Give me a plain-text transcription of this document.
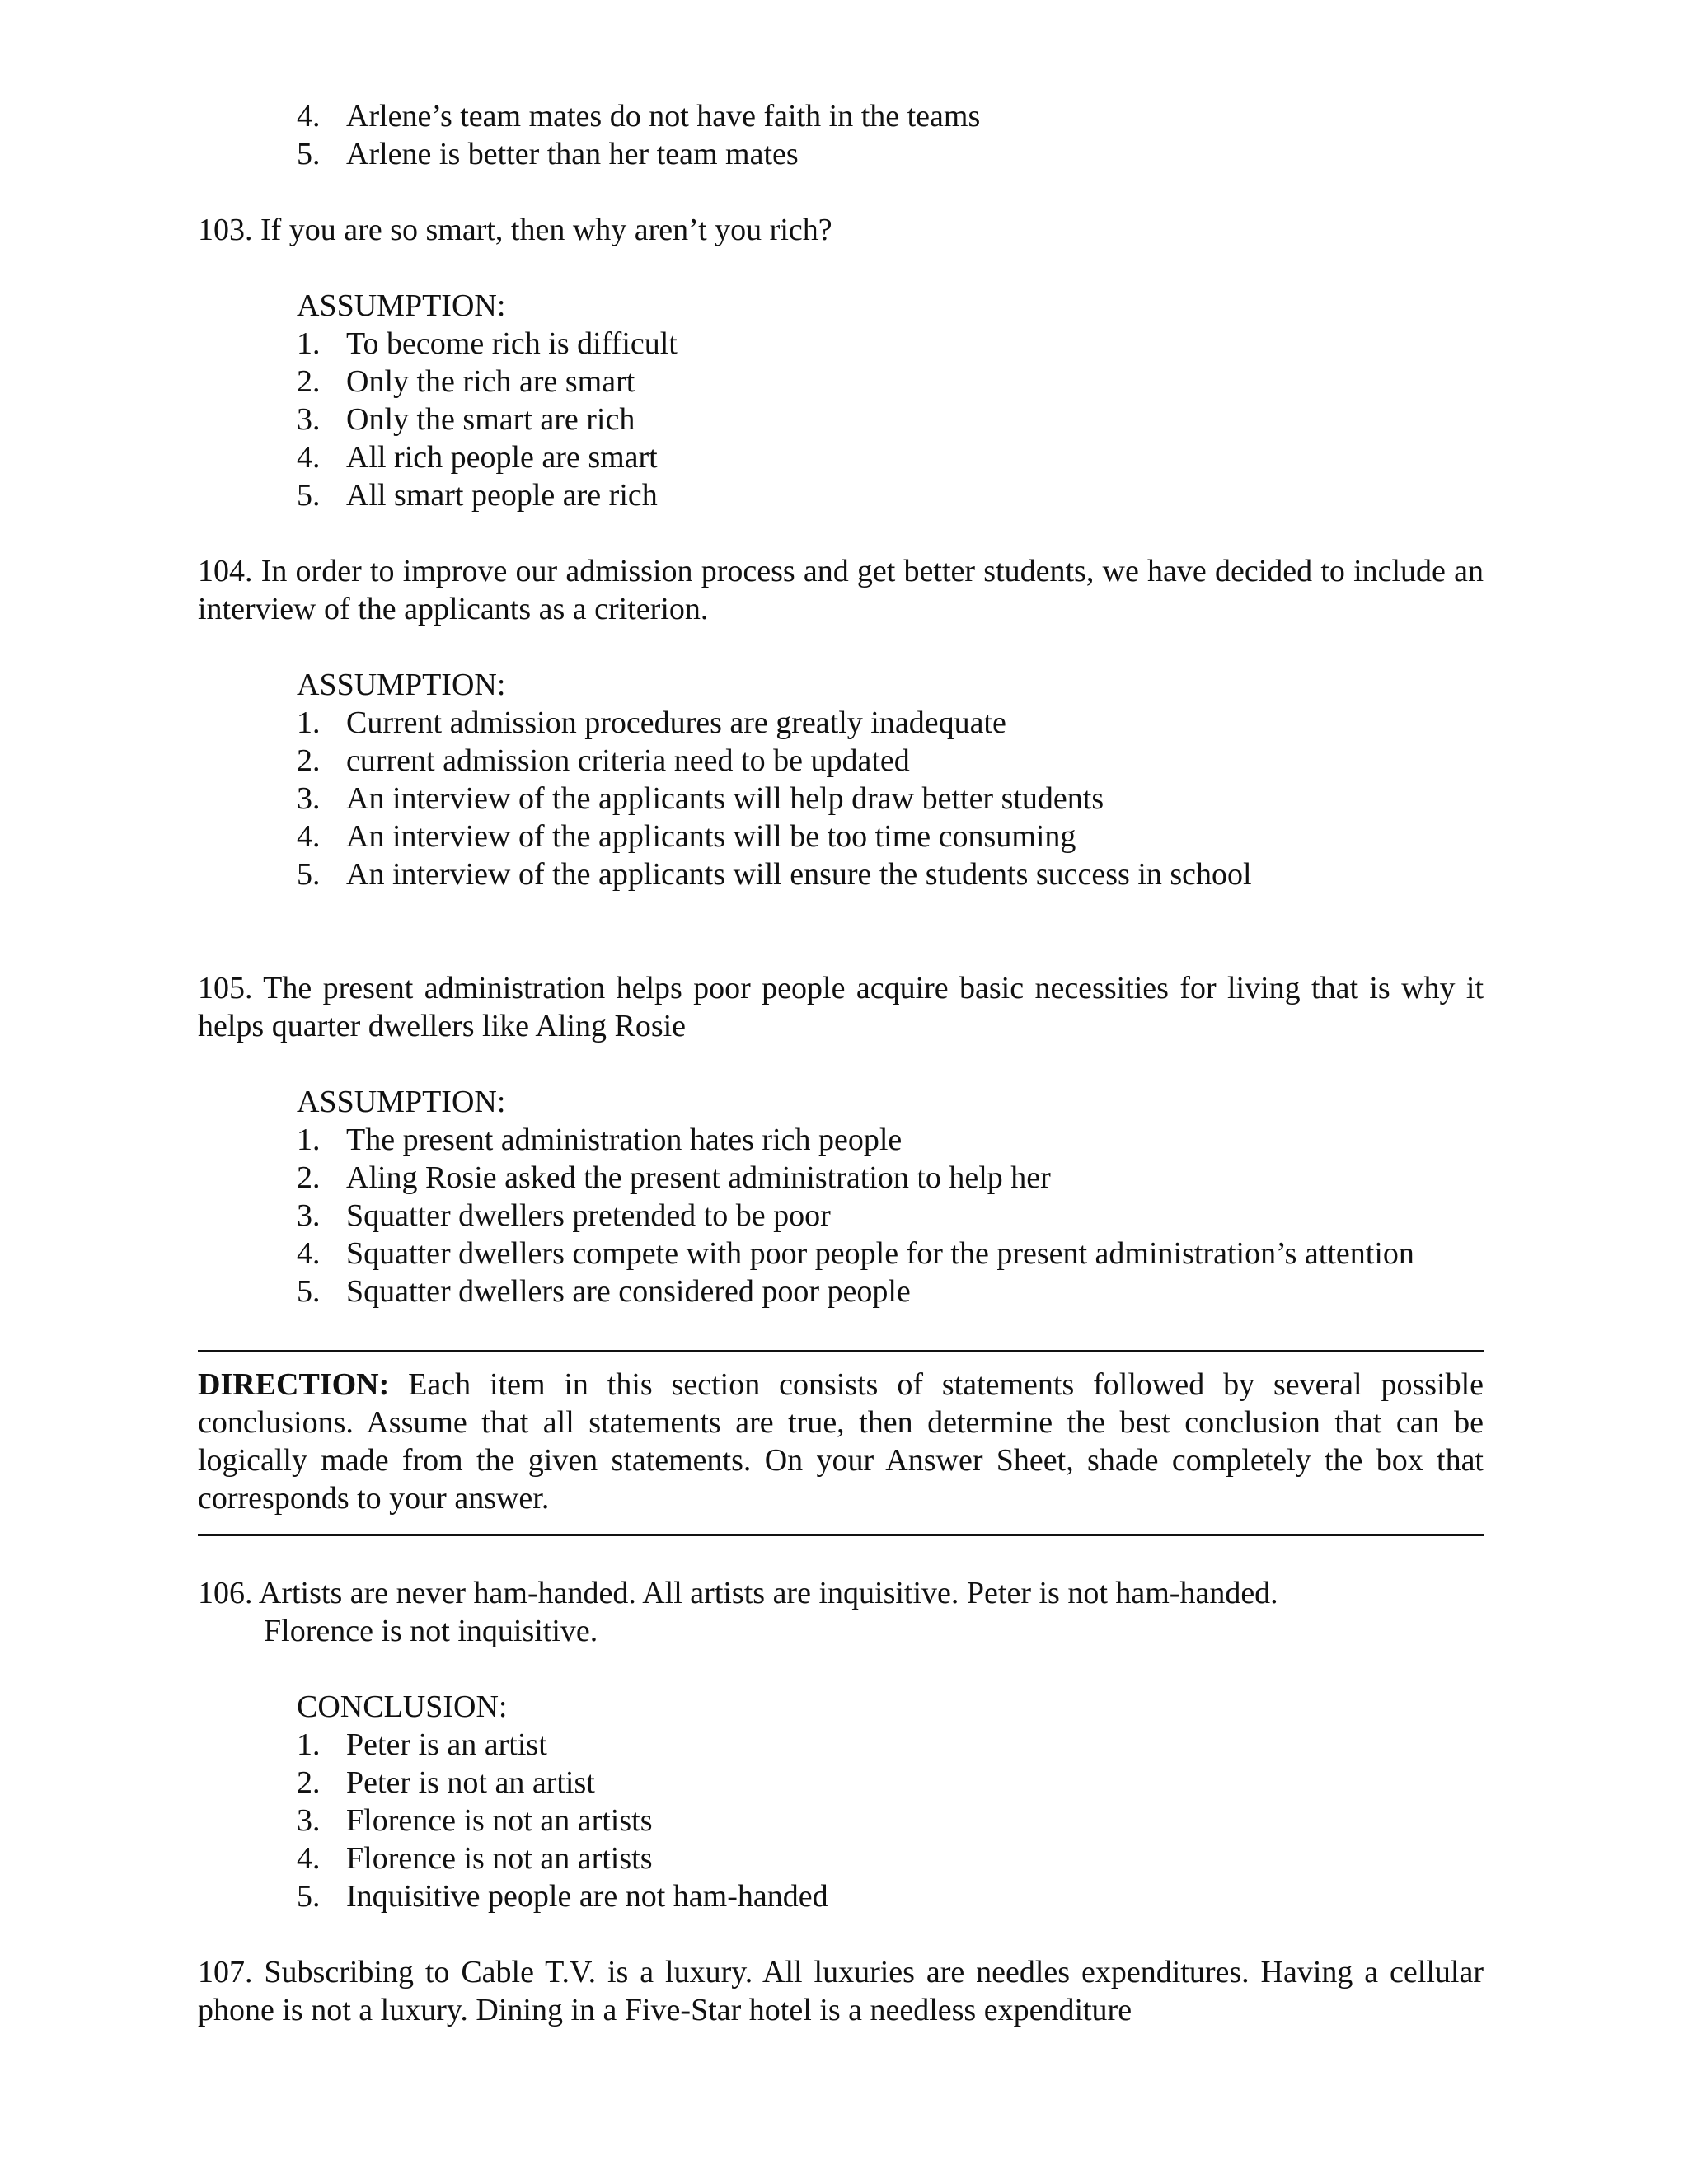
4. Arlene’s team mates do not have faith in the teams
5. Arlene is better than her team mates
103. If you are so smart, then why aren’t you rich?
ASSUMPTION:
1. To become rich is difficult
2. Only the rich are smart
3. Only the smart are rich
4. All rich people are smart
5. All smart people are rich
104. In order to improve our admission process and get better students, we have decided to include an interview of the applicants as a criterion.
ASSUMPTION:
1. Current admission procedures are greatly inadequate
2. current admission criteria need to be updated
3. An interview of the applicants will help draw better students
4. An interview of the applicants will be too time consuming
5. An interview of the applicants will ensure the students success in school
105. The present administration helps poor people acquire basic necessities for living that is why it helps quarter dwellers like Aling Rosie
ASSUMPTION:
1. The present administration hates rich people
2. Aling Rosie asked the present administration to help her
3. Squatter dwellers pretended to be poor
4. Squatter dwellers compete with poor people for the present administration’s attention
5. Squatter dwellers are considered poor people
DIRECTION: Each item in this section consists of statements followed by several possible conclusions. Assume that all statements are true, then determine the best conclusion that can be logically made from the given statements. On your Answer Sheet, shade completely the box that corresponds to your answer.
106. Artists are never ham-handed. All artists are inquisitive. Peter is not ham-handed.
Florence is not inquisitive.
CONCLUSION:
1. Peter is an artist
2. Peter is not an artist
3. Florence is not an artists
4. Florence is not an artists
5. Inquisitive people are not ham-handed
107. Subscribing to Cable T.V. is a luxury. All luxuries are needles expenditures. Having a cellular phone is not a luxury. Dining in a Five-Star hotel is a needless expenditure
